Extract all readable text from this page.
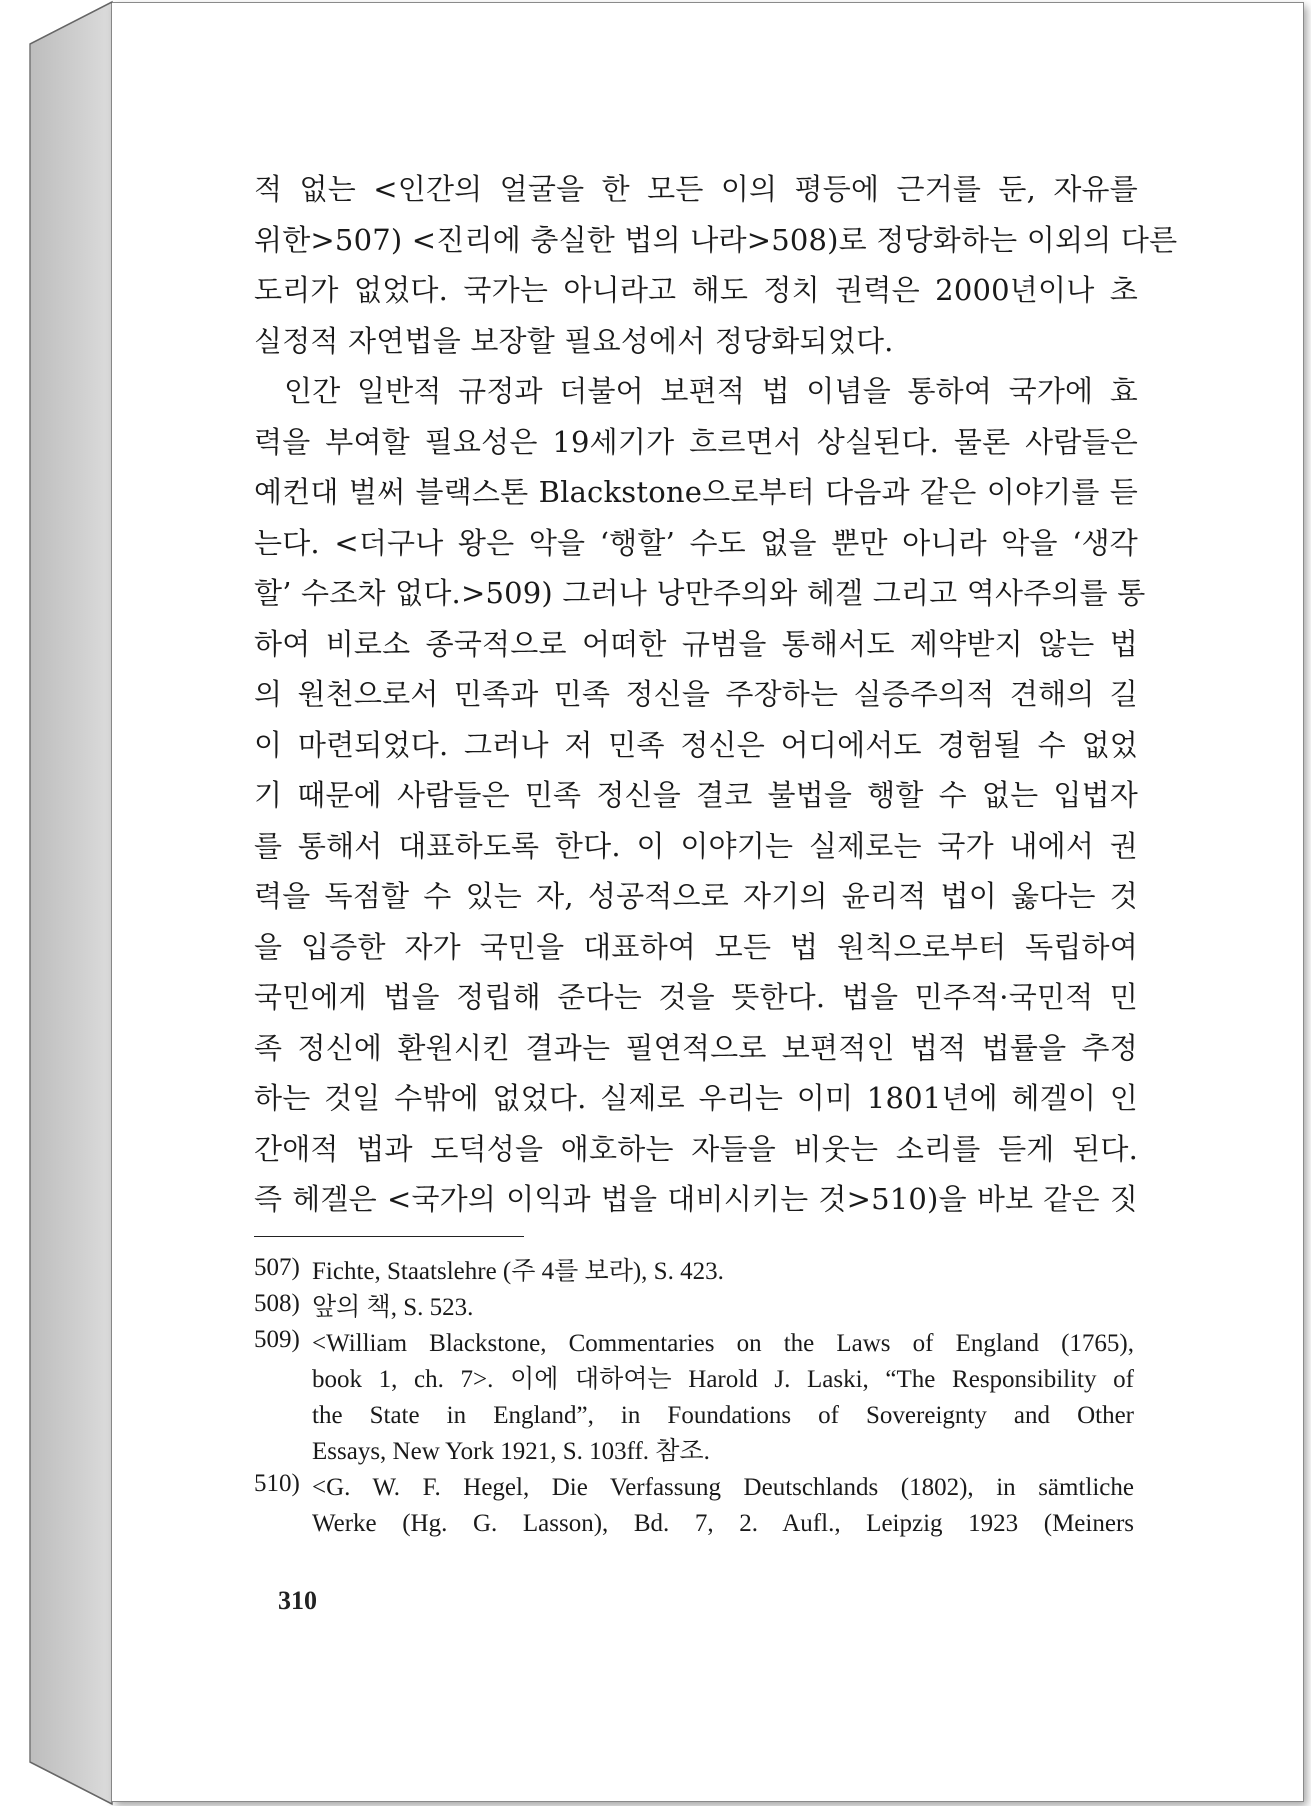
적 없는 <인간의 얼굴을 한 모든 이의 평등에 근거를 둔, 자유를
위한>507) <진리에 충실한 법의 나라>508)로 정당화하는 이외의 다른
도리가 없었다. 국가는 아니라고 해도 정치 권력은 2000년이나 초
실정적 자연법을 보장할 필요성에서 정당화되었다.
인간 일반적 규정과 더불어 보편적 법 이념을 통하여 국가에 효
력을 부여할 필요성은 19세기가 흐르면서 상실된다. 물론 사람들은
예컨대 벌써 블랙스톤 Blackstone으로부터 다음과 같은 이야기를 듣
는다. <더구나 왕은 악을 ‘행할’ 수도 없을 뿐만 아니라 악을 ‘생각
할’ 수조차 없다.>509) 그러나 낭만주의와 헤겔 그리고 역사주의를 통
하여 비로소 종국적으로 어떠한 규범을 통해서도 제약받지 않는 법
의 원천으로서 민족과 민족 정신을 주장하는 실증주의적 견해의 길
이 마련되었다. 그러나 저 민족 정신은 어디에서도 경험될 수 없었
기 때문에 사람들은 민족 정신을 결코 불법을 행할 수 없는 입법자
를 통해서 대표하도록 한다. 이 이야기는 실제로는 국가 내에서 권
력을 독점할 수 있는 자, 성공적으로 자기의 윤리적 법이 옳다는 것
을 입증한 자가 국민을 대표하여 모든 법 원칙으로부터 독립하여
국민에게 법을 정립해 준다는 것을 뜻한다. 법을 민주적·국민적 민
족 정신에 환원시킨 결과는 필연적으로 보편적인 법적 법률을 추정
하는 것일 수밖에 없었다. 실제로 우리는 이미 1801년에 헤겔이 인
간애적 법과 도덕성을 애호하는 자들을 비웃는 소리를 듣게 된다.
즉 헤겔은 <국가의 이익과 법을 대비시키는 것>510)을 바보 같은 짓
507) Fichte, Staatslehre (주 4를 보라), S. 423.
508) 앞의 책, S. 523.
509) <William Blackstone, Commentaries on the Laws of England (1765),
book 1, ch. 7>. 이에 대하여는 Harold J. Laski, “The Responsibility of
the State in England”, in Foundations of Sovereignty and Other
Essays, New York 1921, S. 103ff. 참조.
510) <G. W. F. Hegel, Die Verfassung Deutschlands (1802), in sämtliche
Werke (Hg. G. Lasson), Bd. 7, 2. Aufl., Leipzig 1923 (Meiners
310
